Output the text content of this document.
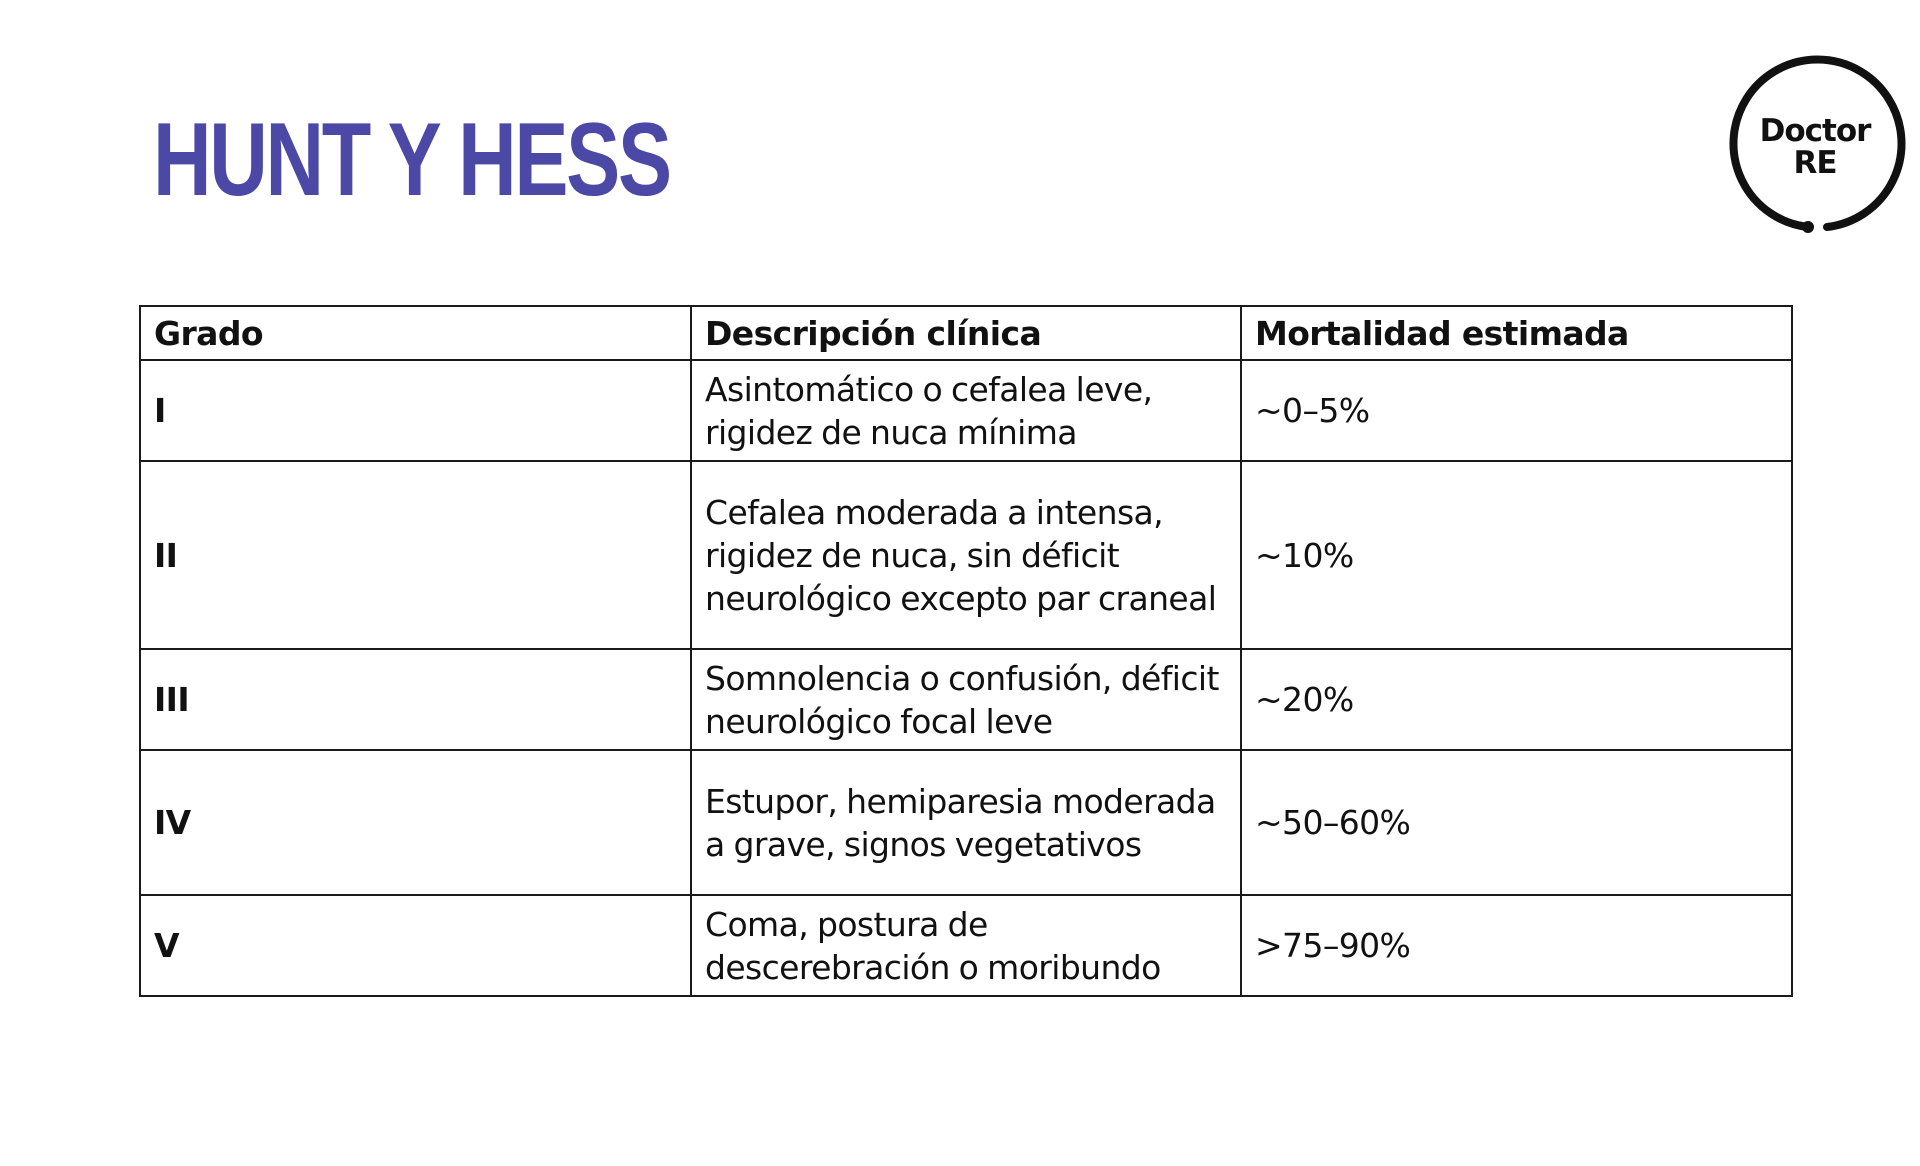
HUNT Y HESS	Doctor
RE
Grado	Descripción clínica	Mortalidad estimada
I	Asintomático o cefalea leve, rigidez de nuca mínima	~0–5%
II	Cefalea moderada a intensa, rigidez de nuca, sin déficit neurológico excepto par craneal	~10%
III	Somnolencia o confusión, déficit neurológico focal leve	~20%
IV	Estupor, hemiparesia moderada a grave, signos vegetativos	~50–60%
V	Coma, postura de descerebración o moribundo	>75–90%
